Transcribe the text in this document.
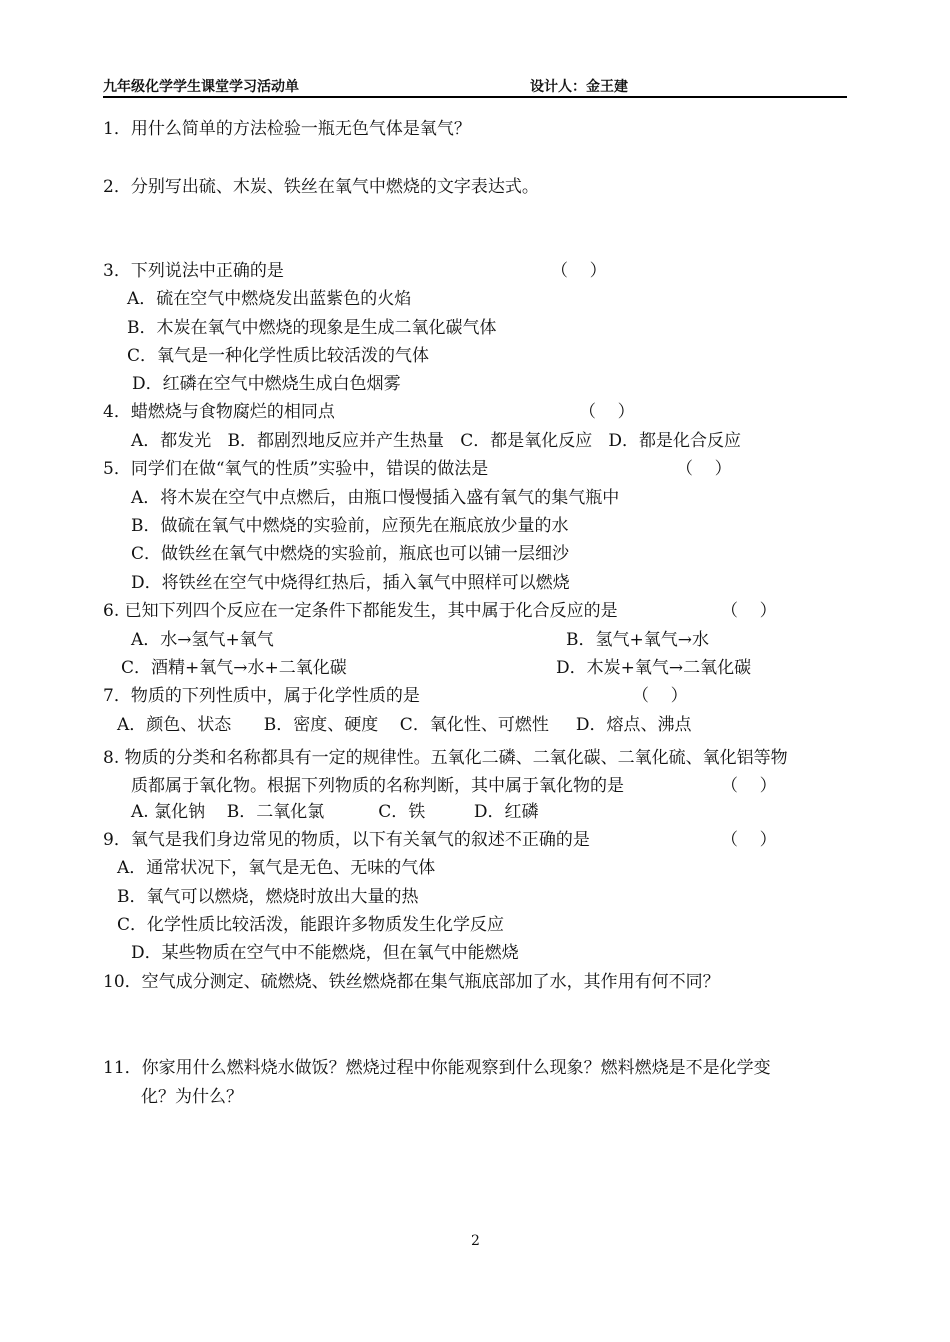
九年级化学学生课堂学习活动单	设计人：金王建
1．用什么简单的方法检验一瓶无色气体是氧气？
2．分别写出硫、木炭、铁丝在氧气中燃烧的文字表达式。
3．下列说法中正确的是	（    ）
A．硫在空气中燃烧发出蓝紫色的火焰
B．木炭在氧气中燃烧的现象是生成二氧化碳气体
C．氧气是一种化学性质比较活泼的气体
D．红磷在空气中燃烧生成白色烟雾
4．蜡燃烧与食物腐烂的相同点	（    ）
A．都发光   B．都剧烈地反应并产生热量   C．都是氧化反应   D．都是化合反应
5．同学们在做“氧气的性质”实验中，错误的做法是	（    ）
A．将木炭在空气中点燃后，由瓶口慢慢插入盛有氧气的集气瓶中
B．做硫在氧气中燃烧的实验前，应预先在瓶底放少量的水
C．做铁丝在氧气中燃烧的实验前，瓶底也可以铺一层细沙
D．将铁丝在空气中烧得红热后，插入氧气中照样可以燃烧
6. 已知下列四个反应在一定条件下都能发生，其中属于化合反应的是	（    ）
A．水→氢气+氧气	B．氢气+氧气→水
C．酒精+氧气→水+二氧化碳	D．木炭+氧气→二氧化碳
7．物质的下列性质中，属于化学性质的是	（    ）
A．颜色、状态      B．密度、硬度    C．氧化性、可燃性     D．熔点、沸点
8. 物质的分类和名称都具有一定的规律性。五氧化二磷、二氧化碳、二氧化硫、氧化铝等物
质都属于氧化物。根据下列物质的名称判断，其中属于氧化物的是	（    ）
A. 氯化钠    B．二氧化氯          C．铁         D．红磷
9．氧气是我们身边常见的物质，以下有关氧气的叙述不正确的是	（    ）
A．通常状况下，氧气是无色、无味的气体
B．氧气可以燃烧，燃烧时放出大量的热
C．化学性质比较活泼，能跟许多物质发生化学反应
D．某些物质在空气中不能燃烧，但在氧气中能燃烧
10．空气成分测定、硫燃烧、铁丝燃烧都在集气瓶底部加了水，其作用有何不同？
11．你家用什么燃料烧水做饭？燃烧过程中你能观察到什么现象？燃料燃烧是不是化学变
化？为什么？
2
